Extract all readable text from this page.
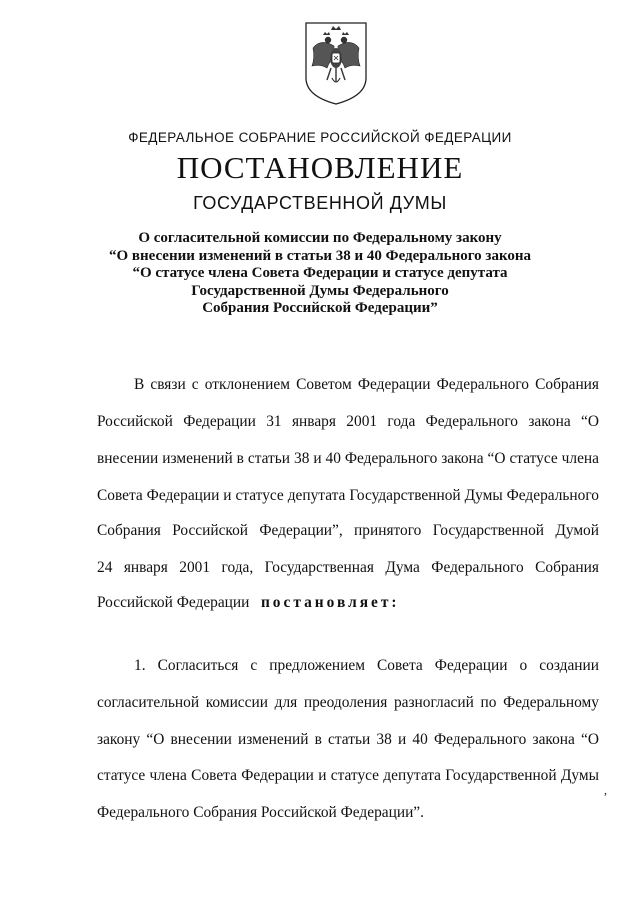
ФЕДЕРАЛЬНОЕ СОБРАНИЕ РОССИЙСКОЙ ФЕДЕРАЦИИ
ПОСТАНОВЛЕНИЕ
ГОСУДАРСТВЕННОЙ ДУМЫ
О согласительной комиссии по Федеральному закону
“О внесении изменений в статьи 38 и 40 Федерального закона
“О статусе члена Совета Федерации и статусе депутата
Государственной Думы Федерального
Собрания Российской Федерации”
В связи с отклонением Советом Федерации Федерального Собрания
Российской Федерации 31 января 2001 года Федерального закона “О
внесении изменений в статьи 38 и 40 Федерального закона “О статусе члена
Совета Федерации и статусе депутата Государственной Думы Федерального
Собрания Российской Федерации”, принятого Государственной Думой
24 января 2001 года, Государственная Дума Федерального Собрания
Российской Федерации постановляет:
1. Согласиться с предложением Совета Федерации о создании
согласительной комиссии для преодоления разногласий по Федеральному
закону “О внесении изменений в статьи 38 и 40 Федерального закона “О
статусе члена Совета Федерации и статусе депутата Государственной Думы
Федерального Собрания Российской Федерации”.
,
